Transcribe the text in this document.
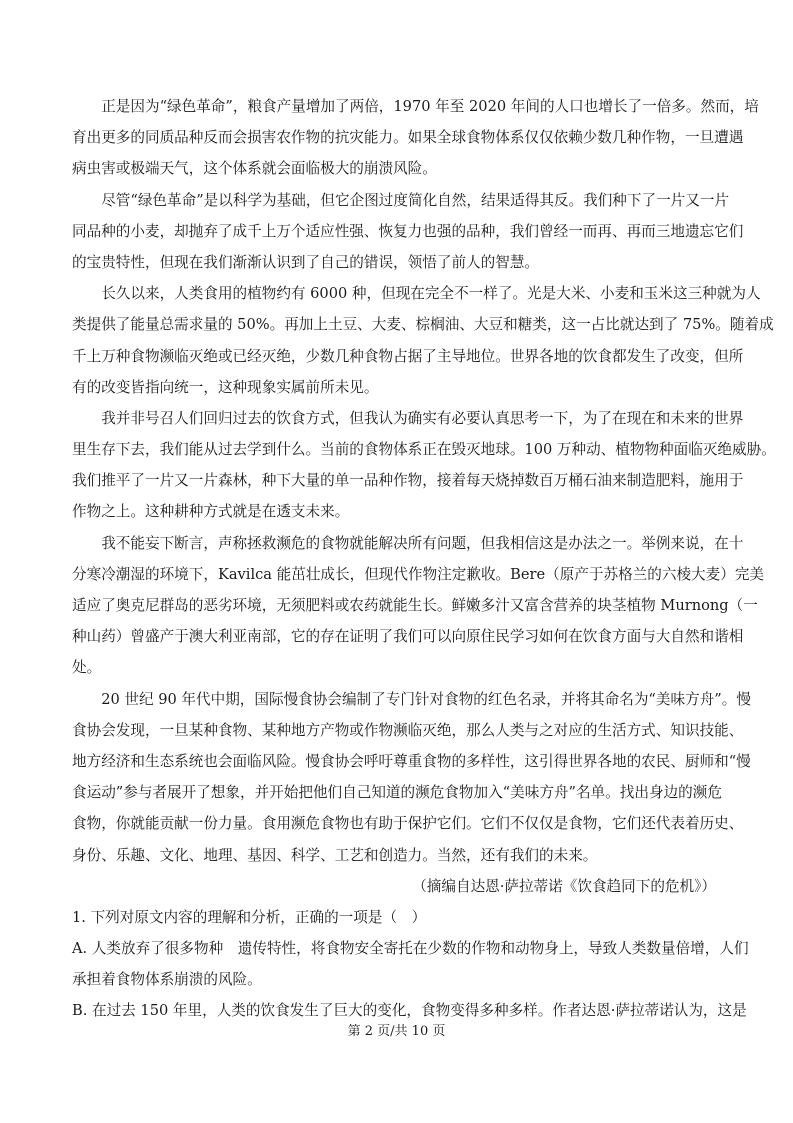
　　正是因为“绿色革命”，粮食产量增加了两倍，1970 年至 2020 年间的人口也增长了一倍多。然而，培
育出更多的同质品种反而会损害农作物的抗灾能力。如果全球食物体系仅仅依赖少数几种作物，一旦遭遇
病虫害或极端天气，这个体系就会面临极大的崩溃风险。
　　尽管“绿色革命”是以科学为基础，但它企图过度简化自然，结果适得其反。我们种下了一片又一片
同品种的小麦，却抛弃了成千上万个适应性强、恢复力也强的品种，我们曾经一而再、再而三地遗忘它们
的宝贵特性，但现在我们渐渐认识到了自己的错误，领悟了前人的智慧。
　　长久以来，人类食用的植物约有 6000 种，但现在完全不一样了。光是大米、小麦和玉米这三种就为人
类提供了能量总需求量的 50%。再加上土豆、大麦、棕榈油、大豆和糖类，这一占比就达到了 75%。随着成
千上万种食物濒临灭绝或已经灭绝，少数几种食物占据了主导地位。世界各地的饮食都发生了改变，但所
有的改变皆指向统一，这种现象实属前所未见。
　　我并非号召人们回归过去的饮食方式，但我认为确实有必要认真思考一下，为了在现在和未来的世界
里生存下去，我们能从过去学到什么。当前的食物体系正在毁灭地球。100 万种动、植物物种面临灭绝威胁。
我们推平了一片又一片森林，种下大量的单一品种作物，接着每天烧掉数百万桶石油来制造肥料，施用于
作物之上。这种耕种方式就是在透支未来。
　　我不能妄下断言，声称拯救濒危的食物就能解决所有问题，但我相信这是办法之一。举例来说，在十
分寒冷潮湿的环境下，Kavilca 能茁壮成长，但现代作物注定歉收。Bere（原产于苏格兰的六棱大麦）完美
适应了奥克尼群岛的恶劣环境，无须肥料或农药就能生长。鲜嫩多汁又富含营养的块茎植物 Murnong（一
种山药）曾盛产于澳大利亚南部，它的存在证明了我们可以向原住民学习如何在饮食方面与大自然和谐相
处。
　　20 世纪 90 年代中期，国际慢食协会编制了专门针对食物的红色名录，并将其命名为“美味方舟”。慢
食协会发现，一旦某种食物、某种地方产物或作物濒临灭绝，那么人类与之对应的生活方式、知识技能、
地方经济和生态系统也会面临风险。慢食协会呼吁尊重食物的多样性，这引得世界各地的农民、厨师和“慢
食运动”参与者展开了想象，并开始把他们自己知道的濒危食物加入“美味方舟”名单。找出身边的濒危
食物，你就能贡献一份力量。食用濒危食物也有助于保护它们。它们不仅仅是食物，它们还代表着历史、
身份、乐趣、文化、地理、基因、科学、工艺和创造力。当然，还有我们的未来。
（摘编自达恩·萨拉蒂诺《饮食趋同下的危机》）
1. 下列对原文内容的理解和分析，正确的一项是（　）
A. 人类放弃了很多物种　遗传特性，将食物安全寄托在少数的作物和动物身上，导致人类数量倍增，人们
承担着食物体系崩溃的风险。
B. 在过去 150 年里，人类的饮食发生了巨大的变化，食物变得多种多样。作者达恩·萨拉蒂诺认为，这是
第 2 页/共 10 页
